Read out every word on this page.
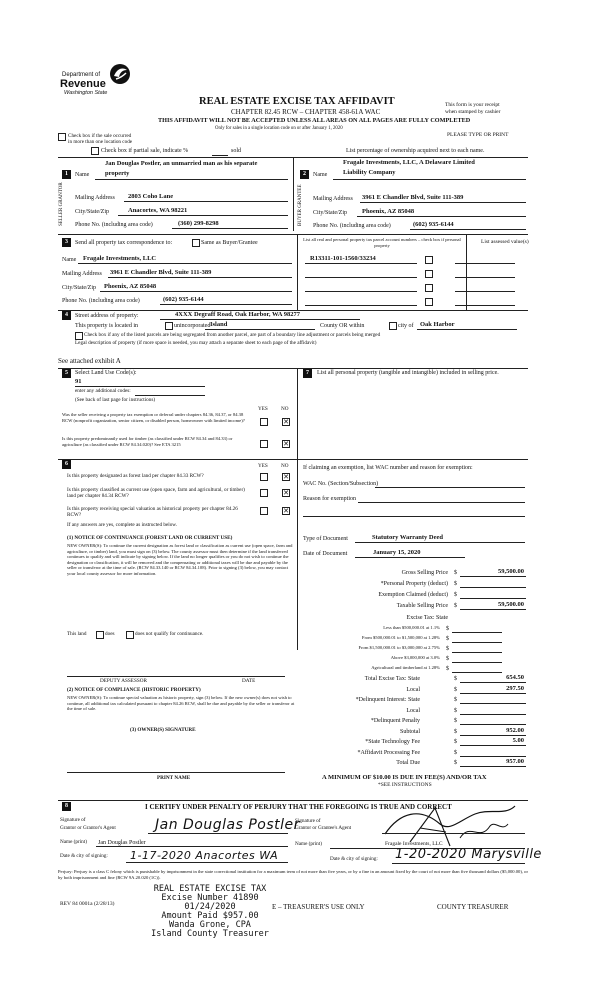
Department of
Revenue
Washington State
REAL ESTATE EXCISE TAX AFFIDAVIT
CHAPTER 82.45 RCW – CHAPTER 458-61A WAC
THIS AFFIDAVIT WILL NOT BE ACCEPTED UNLESS ALL AREAS ON ALL PAGES ARE FULLY COMPLETED
Only for sales in a single location code on or after January 1, 2020
This form is your receipt
when stamped by cashier
PLEASE TYPE OR PRINT
Check box if the sale occurred
in more than one location code
Check box if partial sale, indicate %	sold	List percentage of ownership acquired next to each name.
Jan Douglas Postler, an unmarried man as his separate
1	Name property
SELLER GRANTOR Mailing Address 2803 Coho Lane
City/State/Zip	Anacortes, WA 98221
Phone No. (including area code)	(360) 299-8298
Fragale Investments, LLC, A Delaware Limited
2	Name Liability Company
BUYER GRANTEE Mailing Address 3961 E Chandler Blvd, Suite 111-389
City/State/Zip Phoenix, AZ 85048
Phone No. (including area code)	(602) 935-6144
3	Send all property tax correspondence to:	Same as Buyer/Grantee
List all real and personal property tax parcel account numbers – check box if personal property
List assessed value(s)
Name Fragale Investments, LLC
Mailing Address 3961 E Chandler Blvd, Suite 111-389
City/State/Zip Phoenix, AZ 85048
Phone No. (including area code)	(602) 935-6144
R13311-101-1560/33234
4	Street address of property:	4XXX Degraff Road, Oak Harbor, WA 98277
This property is located in	unincorporated Island	County OR within	city of Oak Harbor
Check box if any of the listed parcels are being segregated from another parcel, are part of a boundary line adjustment or parcels being merged
Legal description of property (if more space is needed, you may attach a separate sheet to each page of the affidavit)
See attached exhibit A
5	Select Land Use Code(s):
91
enter any additional codes:
(See back of last page for instructions)
YES	NO
Was the seller receiving a property tax exemption or deferral under chapters 84.36, 84.37, or 84.38 RCW (nonprofit organization, senior citizen, or disabled person, homeowner with limited income)?	✕
Is this property predominantly used for timber (as classified under RCW 84.34 and 84.33) or agriculture (as classified under RCW 84.34.020)? See ETA 3215	✕
7	List all personal property (tangible and intangible) included in selling price.
6	YES	NO
Is this property designated as forest land per chapter 84.33 RCW?	✕
Is this property classified as current use (open space, farm and agricultural, or timber) land per chapter 84.34 RCW?	✕
Is this property receiving special valuation as historical property per chapter 84.26 RCW?	✕
If any answers are yes, complete as instructed below.
(1) NOTICE OF CONTINUANCE (FOREST LAND OR CURRENT USE)
NEW OWNER(S): To continue the current designation as forest land or classification as current use (open space, farm and agriculture, or timber) land, you must sign on (3) below. The county assessor must then determine if the land transferred continues to qualify and will indicate by signing below. If the land no longer qualifies or you do not wish to continue the designation or classification, it will be removed and the compensating or additional taxes will be due and payable by the seller or transferor at the time of sale. (RCW 84.33.140 or RCW 84.34.108). Prior to signing (3) below, you may contact your local county assessor for more information.
This land	does	does not qualify for continuance.
DEPUTY ASSESSOR	DATE
(2) NOTICE OF COMPLIANCE (HISTORIC PROPERTY)
NEW OWNER(S): To continue special valuation as historic property, sign (3) below. If the new owner(s) does not wish to continue, all additional tax calculated pursuant to chapter 84.26 RCW, shall be due and payable by the seller or transferor at the time of sale.
(3) OWNER(S) SIGNATURE
PRINT NAME
If claiming an exemption, list WAC number and reason for exemption:
WAC No. (Section/Subsection)
Reason for exemption
Type of Document	Statutory Warranty Deed
Date of Document	January 15, 2020
Gross Selling Price $	59,500.00
*Personal Property (deduct) $
Exemption Claimed (deduct) $
Taxable Selling Price $	59,500.00
Excise Tax: State
Less than $500,000.01 at 1.1% $
From $500,000.01 to $1,500,000 at 1.28% $
From $1,500,000.01 to $3,000,000 at 2.75% $
Above $3,000,000 at 3.0% $
Agricultural and timberland at 1.28% $
Total Excise Tax: State	$	654.50
Local	$	297.50
*Delinquent Interest: State	$
Local	$
*Delinquent Penalty	$
Subtotal	$	952.00
*State Technology Fee	$	5.00
*Affidavit Processing Fee	$
Total Due	$	957.00
A MINIMUM OF $10.00 IS DUE IN FEE(S) AND/OR TAX
*SEE INSTRUCTIONS
8	I CERTIFY UNDER PENALTY OF PERJURY THAT THE FOREGOING IS TRUE AND CORRECT
Signature of
Grantor or Grantor's Agent	Jan Douglas Postler
Name (print) Jan Douglas Postler
Date & city of signing: 1-17-2020 Anacortes WA
Signature of
Grantor or Grantee's Agent
Name (print)	Fragale Investments, LLC
Date & city of signing: 1-20-2020 Marysville
Perjury: Perjury is a class C felony which is punishable by imprisonment in the state correctional institution for a maximum term of not more than five years, or by a fine in an amount fixed by the court of not more than five thousand dollars ($5,000.00), or by both imprisonment and fine (RCW 9A.20.020 (1C)).
REAL ESTATE EXCISE TAX
Excise Number 41890
01/24/2020
Amount Paid $957.00
Wanda Grone, CPA
Island County Treasurer
REV 84 0001a (2/28/13)	E – TREASURER'S USE ONLY	COUNTY TREASURER
